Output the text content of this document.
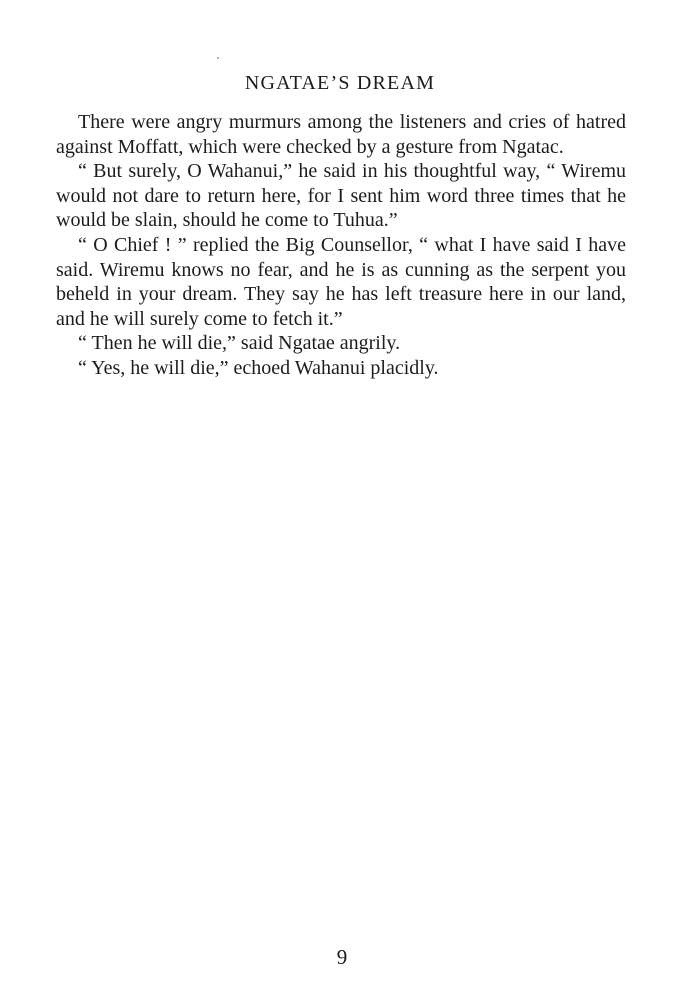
NGATAE’S DREAM

There were angry murmurs among the listeners and cries of hatred against Moffatt, which were checked by a gesture from Ngatac.

“ But surely, O Wahanui,” he said in his thoughtful way, “ Wiremu would not dare to return here, for I sent him word three times that he would be slain, should he come to Tuhua.”

“ O Chief ! ” replied the Big Counsellor, “ what I have said I have said. Wiremu knows no fear, and he is as cunning as the serpent you beheld in your dream. They say he has left treasure here in our land, and he will surely come to fetch it.”

“ Then he will die,” said Ngatae angrily.

“ Yes, he will die,” echoed Wahanui placidly.

9
